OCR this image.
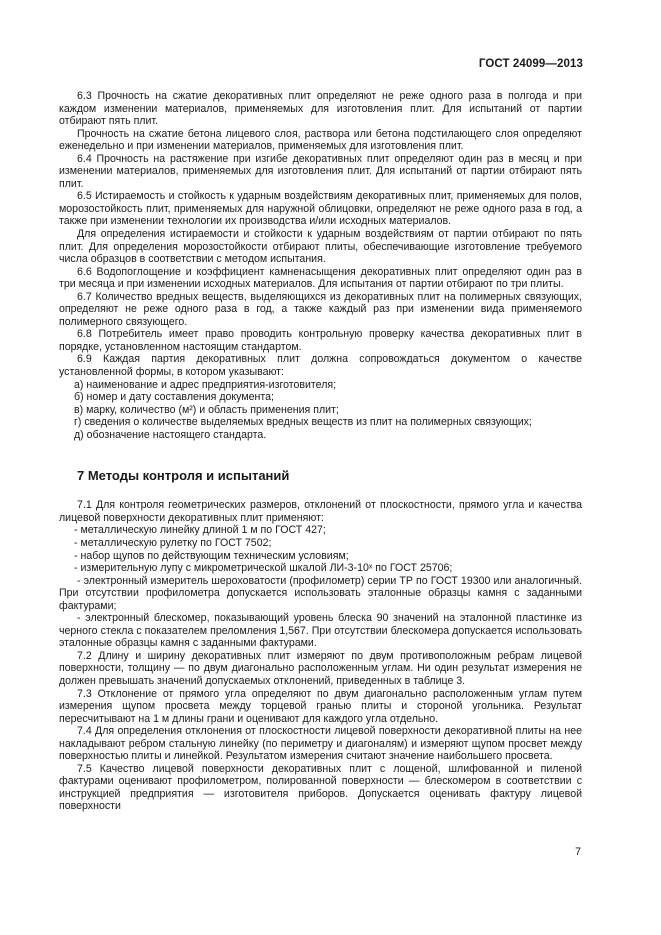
ГОСТ 24099—2013

6.3 Прочность на сжатие декоративных плит определяют не реже одного раза в полгода и при каждом изменении материалов, применяемых для изготовления плит. Для испытаний от партии отбирают пять плит.

Прочность на сжатие бетона лицевого слоя, раствора или бетона подстилающего слоя определяют еженедельно и при изменении материалов, применяемых для изготовления плит.

6.4 Прочность на растяжение при изгибе декоративных плит определяют один раз в месяц и при изменении материалов, применяемых для изготовления плит. Для испытаний от партии отбирают пять плит.

6.5 Истираемость и стойкость к ударным воздействиям декоративных плит, применяемых для полов, морозостойкость плит, применяемых для наружной облицовки, определяют не реже одного раза в год, а также при изменении технологии их производства и/или исходных материалов.

Для определения истираемости и стойкости к ударным воздействиям от партии отбирают по пять плит. Для определения морозостойкости отбирают плиты, обеспечивающие изготовление требуемого числа образцов в соответствии с методом испытания.

6.6 Водопоглощение и коэффициент камненасыщения декоративных плит определяют один раз в три месяца и при изменении исходных материалов. Для испытания от партии отбирают по три плиты.

6.7 Количество вредных веществ, выделяющихся из декоративных плит на полимерных связующих, определяют не реже одного раза в год, а также каждый раз при изменении вида применяемого полимерного связующего.

6.8 Потребитель имеет право проводить контрольную проверку качества декоративных плит в порядке, установленном настоящим стандартом.

6.9 Каждая партия декоративных плит должна сопровождаться документом о качестве установленной формы, в котором указывают:

а) наименование и адрес предприятия-изготовителя;

б) номер и дату составления документа;

в) марку, количество (м²) и область применения плит;

г) сведения о количестве выделяемых вредных веществ из плит на полимерных связующих;

д) обозначение настоящего стандарта.

7 Методы контроля и испытаний

7.1 Для контроля геометрических размеров, отклонений от плоскостности, прямого угла и качества лицевой поверхности декоративных плит применяют:

- металлическую линейку длиной 1 м по ГОСТ 427;

- металлическую рулетку по ГОСТ 7502;

- набор щупов по действующим техническим условиям;

- измерительную лупу с микрометрической шкалой ЛИ-3-10ˣ по ГОСТ 25706;

- электронный измеритель шероховатости (профилометр) серии ТР по ГОСТ 19300 или аналогичный. При отсутствии профилометра допускается использовать эталонные образцы камня с заданными фактурами;

- электронный блескомер, показывающий уровень блеска 90 значений на эталонной пластинке из черного стекла с показателем преломления 1,567. При отсутствии блескомера допускается использовать эталонные образцы камня с заданными фактурами.

7.2 Длину и ширину декоративных плит измеряют по двум противоположным ребрам лицевой поверхности, толщину — по двум диагонально расположенным углам. Ни один результат измерения не должен превышать значений допускаемых отклонений, приведенных в таблице 3.

7.3 Отклонение от прямого угла определяют по двум диагонально расположенным углам путем измерения щупом просвета между торцевой гранью плиты и стороной угольника. Результат пересчитывают на 1 м длины грани и оценивают для каждого угла отдельно.

7.4 Для определения отклонения от плоскостности лицевой поверхности декоративной плиты на нее накладывают ребром стальную линейку (по периметру и диагоналям) и измеряют щупом просвет между поверхностью плиты и линейкой. Результатом измерения считают значение наибольшего просвета.

7.5 Качество лицевой поверхности декоративных плит с лощеной, шлифованной и пиленой фактурами оценивают профилометром, полированной поверхности — блескомером в соответствии с инструкцией предприятия — изготовителя приборов. Допускается оценивать фактуру лицевой поверхности

7
